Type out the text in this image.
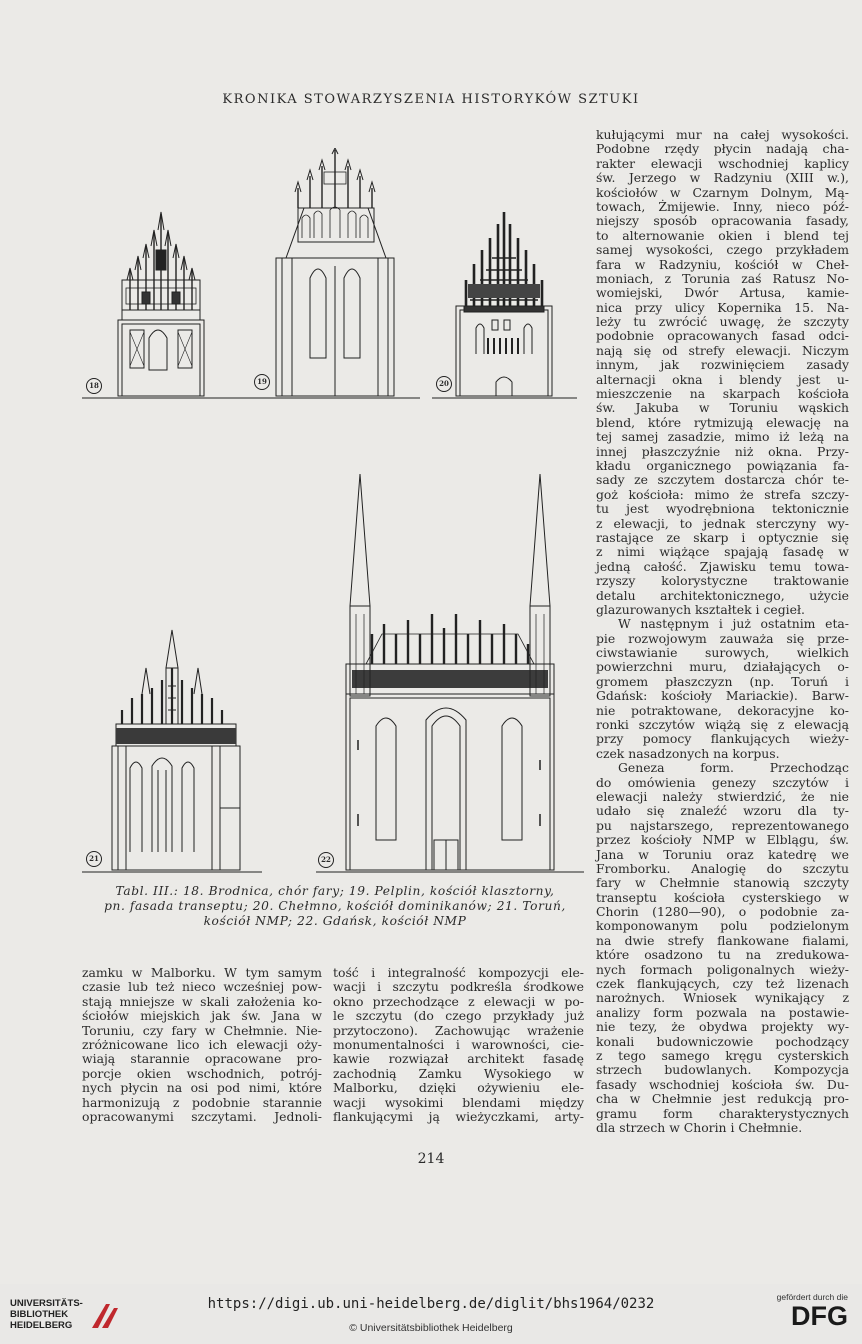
KRONIKA STOWARZYSZENIA HISTORYKÓW SZTUKI
18	19	20
21	22
Tabl. III.: 18. Brodnica, chór fary; 19. Pelplin, kościół klasztorny,
pn. fasada transeptu; 20. Chełmno, kościół dominikanów; 21. Toruń,
kościół NMP; 22. Gdańsk, kościół NMP
zamku w Malborku. W tym samym
czasie lub też nieco wcześniej pow-
stają mniejsze w skali założenia ko-
ściołów miejskich jak św. Jana w
Toruniu, czy fary w Chełmnie. Nie-
zróżnicowane lico ich elewacji oży-
wiają starannie opracowane pro-
porcje okien wschodnich, potrój-
nych płycin na osi pod nimi, które
harmonizują z podobnie starannie
opracowanymi szczytami. Jednoli-
tość i integralność kompozycji ele-
wacji i szczytu podkreśla środkowe
okno przechodzące z elewacji w po-
le szczytu (do czego przykłady już
przytoczono). Zachowując wrażenie
monumentalności i warowności, cie-
kawie rozwiązał architekt fasadę
zachodnią Zamku Wysokiego w
Malborku, dzięki ożywieniu ele-
wacji wysokimi blendami między
flankującymi ją wieżyczkami, arty-
kułującymi mur na całej wysokości.
Podobne rzędy płycin nadają cha-
rakter elewacji wschodniej kaplicy
św. Jerzego w Radzyniu (XIII w.),
kościołów w Czarnym Dolnym, Mą-
towach, Żmijewie. Inny, nieco póź-
niejszy sposób opracowania fasady,
to alternowanie okien i blend tej
samej wysokości, czego przykładem
fara w Radzyniu, kościół w Cheł-
moniach, z Torunia zaś Ratusz No-
womiejski, Dwór Artusa, kamie-
nica przy ulicy Kopernika 15. Na-
leży tu zwrócić uwagę, że szczyty
podobnie opracowanych fasad odci-
nają się od strefy elewacji. Niczym
innym, jak rozwinięciem zasady
alternacji okna i blendy jest u-
mieszczenie na skarpach kościoła
św. Jakuba w Toruniu wąskich
blend, które rytmizują elewację na
tej samej zasadzie, mimo iż leżą na
innej płaszczyźnie niż okna. Przy-
kładu organicznego powiązania fa-
sady ze szczytem dostarcza chór te-
goż kościoła: mimo że strefa szczy-
tu jest wyodrębniona tektonicznie
z elewacji, to jednak sterczyny wy-
rastające ze skarp i optycznie się
z nimi wiążące spajają fasadę w
jedną całość. Zjawisku temu towa-
rzyszy kolorystyczne traktowanie
detalu architektonicznego, użycie
glazurowanych kształtek i cegieł.
W następnym i już ostatnim eta-
pie rozwojowym zauważa się prze-
ciwstawianie surowych, wielkich
powierzchni muru, działających o-
gromem płaszczyzn (np. Toruń i
Gdańsk: kościoły Mariackie). Barw-
nie potraktowane, dekoracyjne ko-
ronki szczytów wiążą się z elewacją
przy pomocy flankujących wieży-
czek nasadzonych na korpus.
Geneza form. Przechodząc
do omówienia genezy szczytów i
elewacji należy stwierdzić, że nie
udało się znaleźć wzoru dla ty-
pu najstarszego, reprezentowanego
przez kościoły NMP w Elblągu, św.
Jana w Toruniu oraz katedrę we
Fromborku. Analogię do szczytu
fary w Chełmnie stanowią szczyty
transeptu kościoła cysterskiego w
Chorin (1280—90), o podobnie za-
komponowanym polu podzielonym
na dwie strefy flankowane fialami,
które osadzono tu na zredukowa-
nych formach poligonalnych wieży-
czek flankujących, czy też lizenach
narożnych. Wniosek wynikający z
analizy form pozwala na postawie-
nie tezy, że obydwa projekty wy-
konali budowniczowie pochodzący
z tego samego kręgu cysterskich
strzech budowlanych. Kompozycja
fasady wschodniej kościoła św. Du-
cha w Chełmnie jest redukcją pro-
gramu form charakterystycznych
dla strzech w Chorin i Chełmnie.
214
UNIVERSITÄTS-
BIBLIOTHEK
HEIDELBERG
https://digi.ub.uni-heidelberg.de/diglit/bhs1964/0232
© Universitätsbibliothek Heidelberg
gefördert durch die
DFG
